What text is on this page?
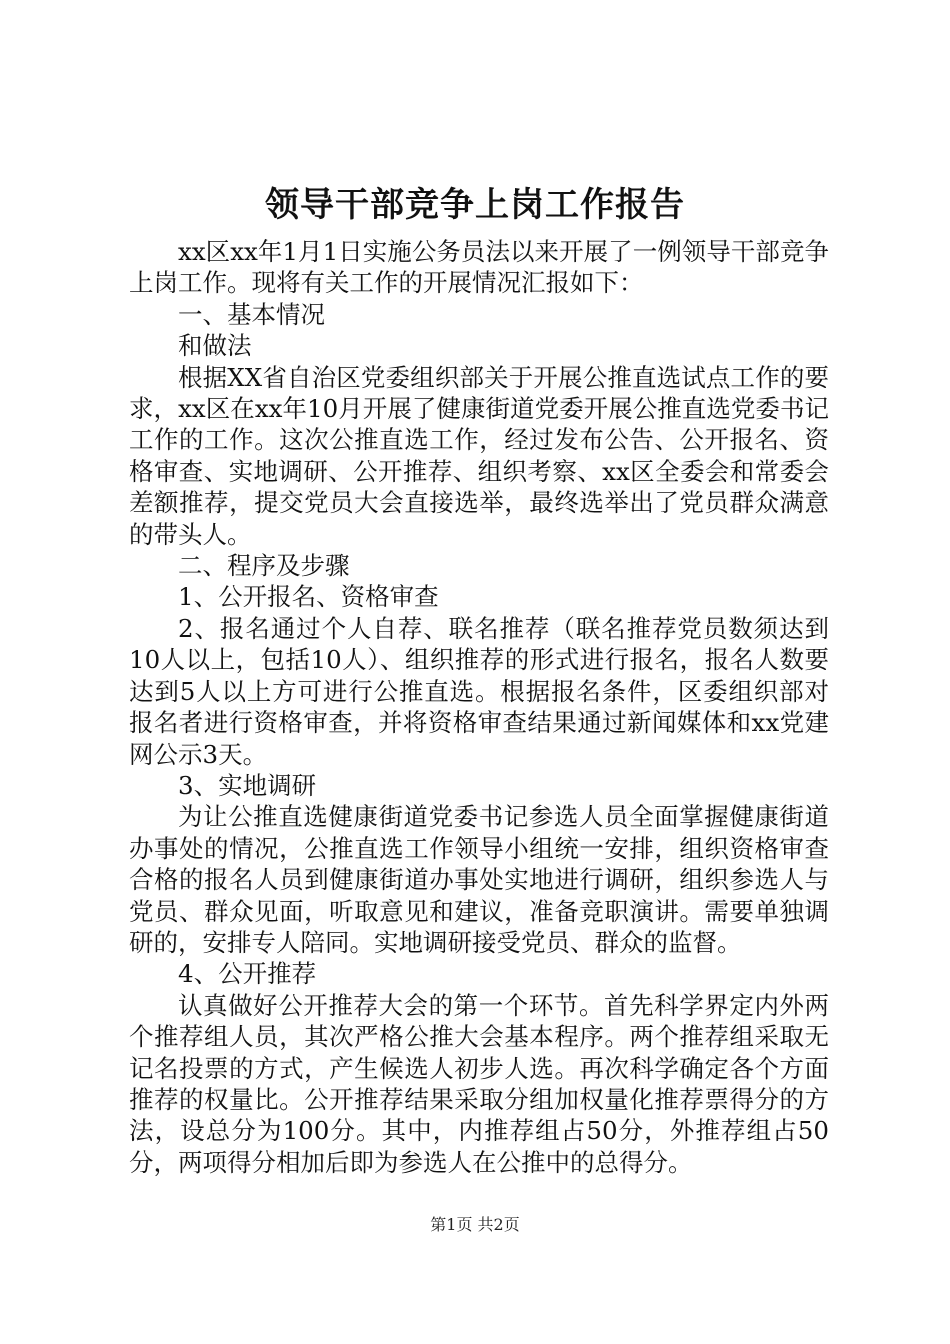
领导干部竞争上岗工作报告

xx区xx年1月1日实施公务员法以来开展了一例领导干部竞争上岗工作。现将有关工作的开展情况汇报如下：

一、基本情况

和做法

根据XX省自治区党委组织部关于开展公推直选试点工作的要求，xx区在xx年10月开展了健康街道党委开展公推直选党委书记工作的工作。这次公推直选工作，经过发布公告、公开报名、资格审查、实地调研、公开推荐、组织考察、xx区全委会和常委会差额推荐，提交党员大会直接选举，最终选举出了党员群众满意的带头人。

二、程序及步骤

1、公开报名、资格审查

2、报名通过个人自荐、联名推荐（联名推荐党员数须达到10人以上，包括10人）、组织推荐的形式进行报名，报名人数要达到5人以上方可进行公推直选。根据报名条件，区委组织部对报名者进行资格审查，并将资格审查结果通过新闻媒体和xx党建网公示3天。

3、实地调研

为让公推直选健康街道党委书记参选人员全面掌握健康街道办事处的情况，公推直选工作领导小组统一安排，组织资格审查合格的报名人员到健康街道办事处实地进行调研，组织参选人与党员、群众见面，听取意见和建议，准备竞职演讲。需要单独调研的，安排专人陪同。实地调研接受党员、群众的监督。

4、公开推荐

认真做好公开推荐大会的第一个环节。首先科学界定内外两个推荐组人员，其次严格公推大会基本程序。两个推荐组采取无记名投票的方式，产生候选人初步人选。再次科学确定各个方面推荐的权量比。公开推荐结果采取分组加权量化推荐票得分的方法，设总分为100分。其中，内推荐组占50分，外推荐组占50分，两项得分相加后即为参选人在公推中的总得分。

第1页 共2页
